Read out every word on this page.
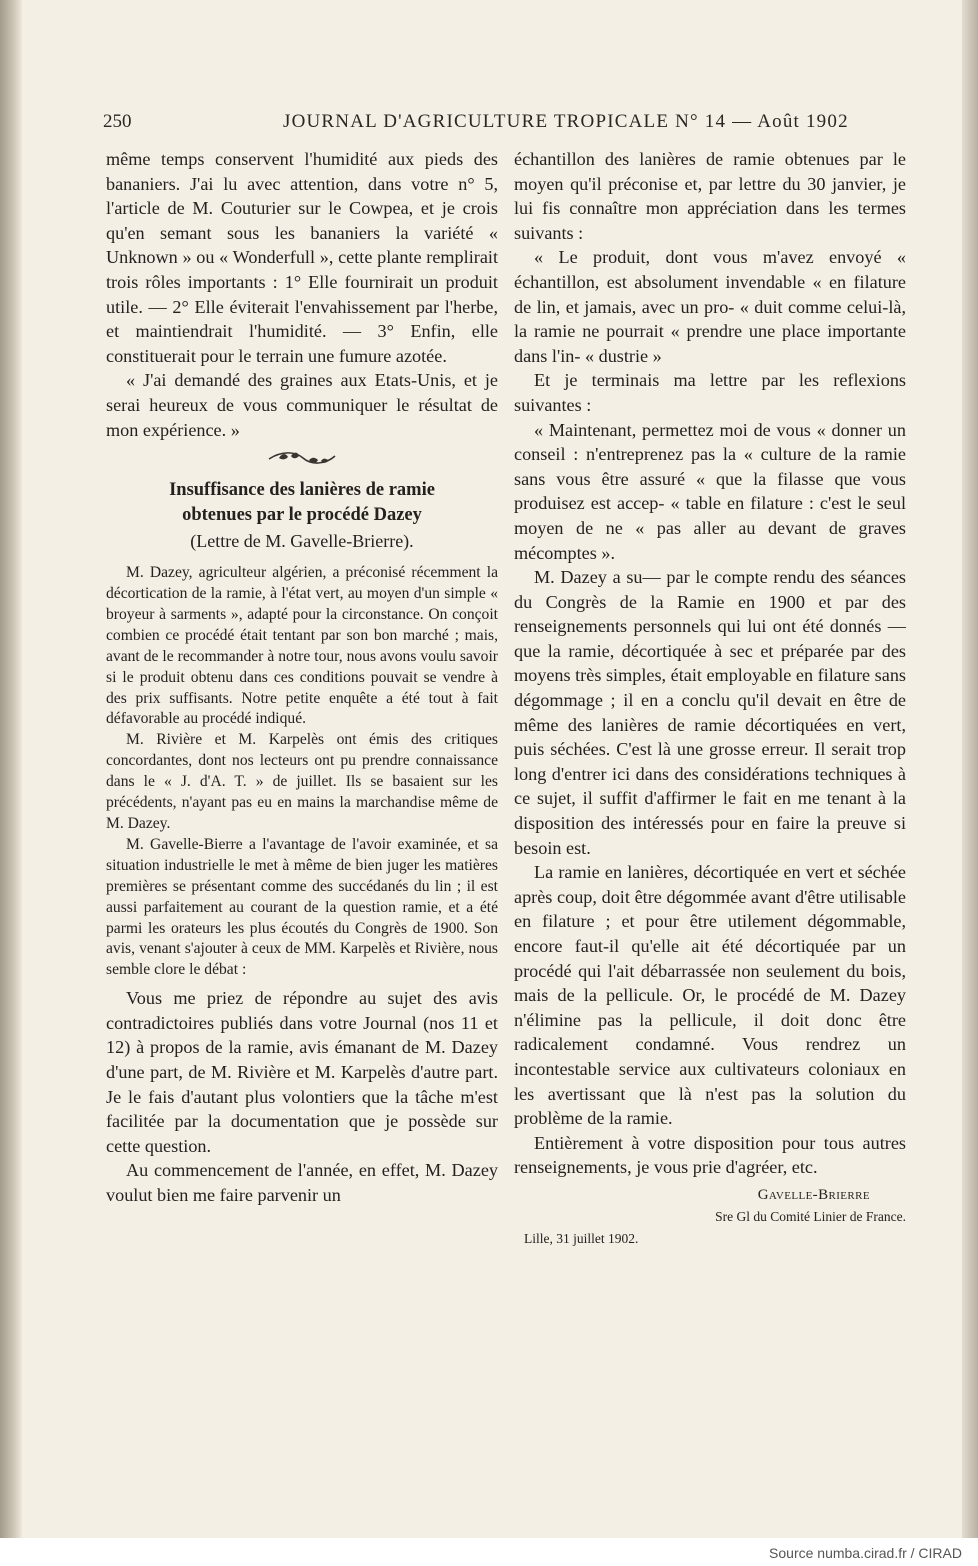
250	JOURNAL D'AGRICULTURE TROPICALE N° 14 — Août 1902

même temps conservent l'humidité aux pieds des bananiers. J'ai lu avec attention, dans votre n° 5, l'article de M. Couturier sur le Cowpea, et je crois qu'en semant sous les bananiers la variété « Unknown » ou « Wonderfull », cette plante remplirait trois rôles importants : 1° Elle fournirait un produit utile. — 2° Elle éviterait l'envahissement par l'herbe, et maintiendrait l'humidité. — 3° Enfin, elle constituerait pour le terrain une fumure azotée.

« J'ai demandé des graines aux Etats-Unis, et je serai heureux de vous communiquer le résultat de mon expérience. »

Insuffisance des lanières de ramie

obtenues par le procédé Dazey

(Lettre de M. Gavelle-Brierre).

M. Dazey, agriculteur algérien, a préconisé récemment la décortication de la ramie, à l'état vert, au moyen d'un simple « broyeur à sarments », adapté pour la circonstance. On conçoit combien ce procédé était tentant par son bon marché ; mais, avant de le recommander à notre tour, nous avons voulu savoir si le produit obtenu dans ces conditions pouvait se vendre à des prix suffisants. Notre petite enquête a été tout à fait défavorable au procédé indiqué.

M. Rivière et M. Karpelès ont émis des critiques concordantes, dont nos lecteurs ont pu prendre connaissance dans le « J. d'A. T. » de juillet. Ils se basaient sur les précédents, n'ayant pas eu en mains la marchandise même de M. Dazey.

M. Gavelle-Bierre a l'avantage de l'avoir examinée, et sa situation industrielle le met à même de bien juger les matières premières se présentant comme des succédanés du lin ; il est aussi parfaitement au courant de la question ramie, et a été parmi les orateurs les plus écoutés du Congrès de 1900. Son avis, venant s'ajouter à ceux de MM. Karpelès et Rivière, nous semble clore le débat :

Vous me priez de répondre au sujet des avis contradictoires publiés dans votre Journal (nos 11 et 12) à propos de la ramie, avis émanant de M. Dazey d'une part, de M. Rivière et M. Karpelès d'autre part. Je le fais d'autant plus volontiers que la tâche m'est facilitée par la documentation que je possède sur cette question.

Au commencement de l'année, en effet, M. Dazey voulut bien me faire parvenir un

échantillon des lanières de ramie obtenues par le moyen qu'il préconise et, par lettre du 30 janvier, je lui fis connaître mon appréciation dans les termes suivants :

« Le produit, dont vous m'avez envoyé « échantillon, est absolument invendable « en filature de lin, et jamais, avec un pro- « duit comme celui-là, la ramie ne pourrait « prendre une place importante dans l'in- « dustrie »

Et je terminais ma lettre par les reflexions suivantes :

« Maintenant, permettez moi de vous « donner un conseil : n'entreprenez pas la « culture de la ramie sans vous être assuré « que la filasse que vous produisez est accep- « table en filature : c'est le seul moyen de ne « pas aller au devant de graves mécomptes ».

M. Dazey a su— par le compte rendu des séances du Congrès de la Ramie en 1900 et par des renseignements personnels qui lui ont été donnés — que la ramie, décortiquée à sec et préparée par des moyens très simples, était employable en filature sans dégommage ; il en a conclu qu'il devait en être de même des lanières de ramie décortiquées en vert, puis séchées. C'est là une grosse erreur. Il serait trop long d'entrer ici dans des considérations techniques à ce sujet, il suffit d'affirmer le fait en me tenant à la disposition des intéressés pour en faire la preuve si besoin est.

La ramie en lanières, décortiquée en vert et séchée après coup, doit être dégommée avant d'être utilisable en filature ; et pour être utilement dégommable, encore faut-il qu'elle ait été décortiquée par un procédé qui l'ait débarrassée non seulement du bois, mais de la pellicule. Or, le procédé de M. Dazey n'élimine pas la pellicule, il doit donc être radicalement condamné. Vous rendrez un incontestable service aux cultivateurs coloniaux en les avertissant que là n'est pas la solution du problème de la ramie.

Entièrement à votre disposition pour tous autres renseignements, je vous prie d'agréer, etc.

Gavelle-Brierre

Sre Gl du Comité Linier de France.

Lille, 31 juillet 1902.

Source numba.cirad.fr / CIRAD
